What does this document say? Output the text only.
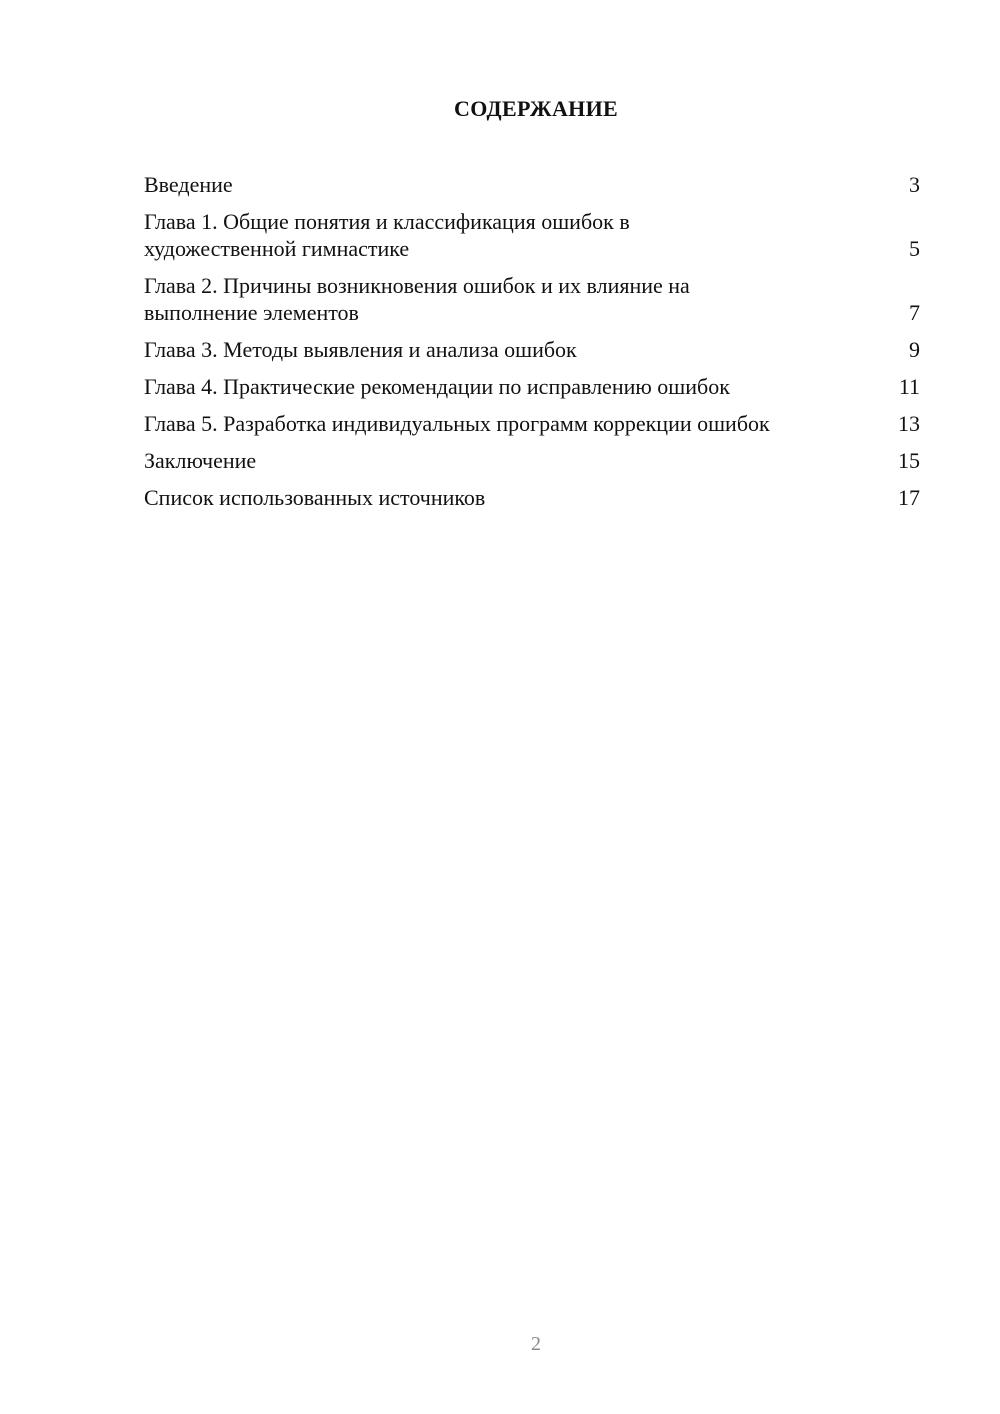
СОДЕРЖАНИЕ
Введение	3
Глава 1. Общие понятия и классификация ошибок в художественной гимнастике	5
Глава 2. Причины возникновения ошибок и их влияние на выполнение элементов	7
Глава 3. Методы выявления и анализа ошибок	9
Глава 4. Практические рекомендации по исправлению ошибок	11
Глава 5. Разработка индивидуальных программ коррекции ошибок	13
Заключение	15
Список использованных источников	17
2
